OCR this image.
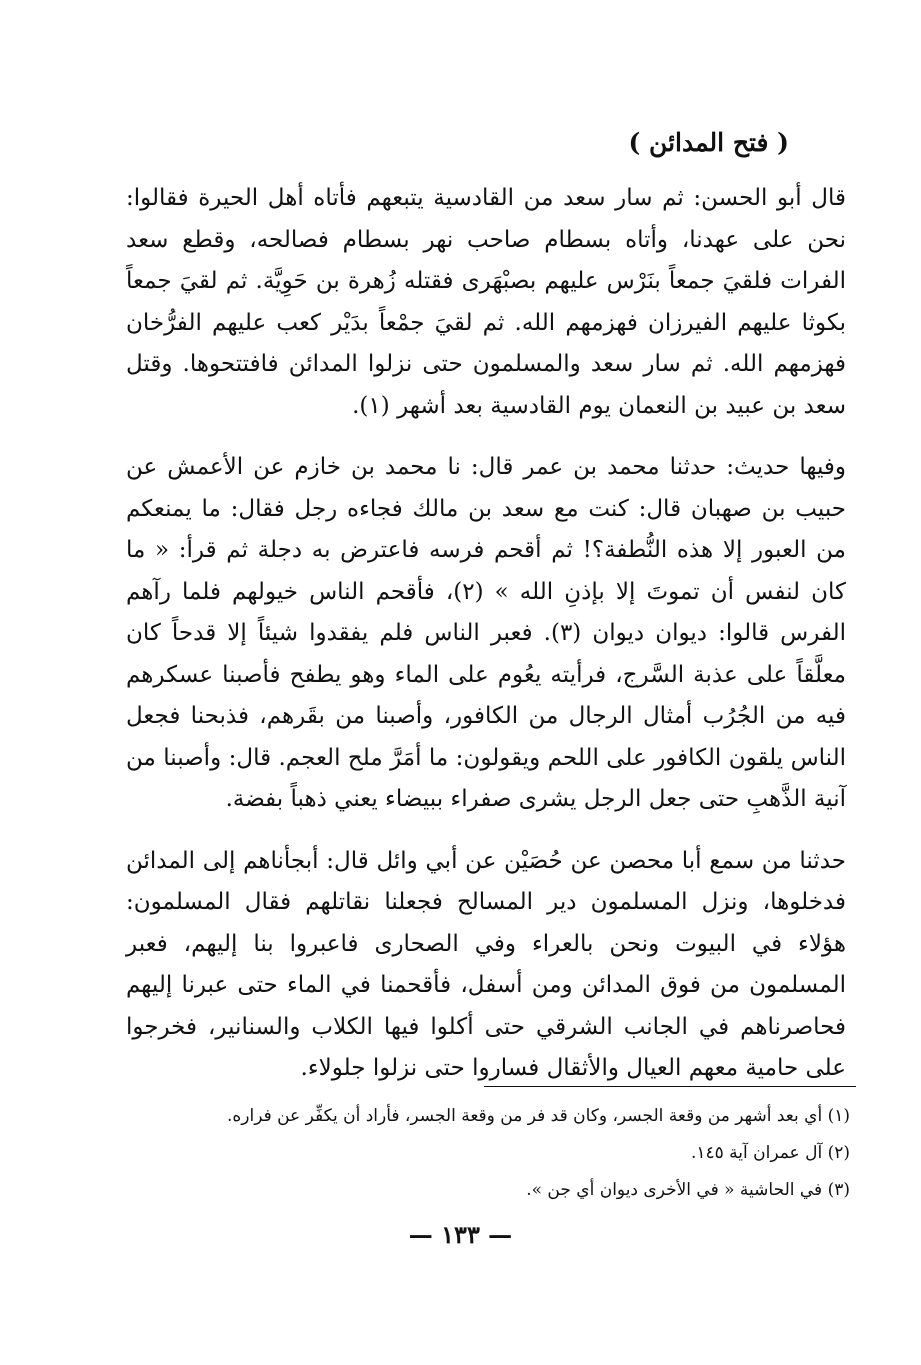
( فتح المدائن )

قال أبو الحسن: ثم سار سعد من القادسية يتبعهم فأتاه أهل الحيرة فقالوا: نحن على عهدنا، وأتاه بسطام صاحب نهر بسطام فصالحه، وقطع سعد الفرات فلقيَ جمعاً بنَرْس عليهم بصبْهَرى فقتله زُهرة بن حَوِيَّة. ثم لقيَ جمعاً بكوثا عليهم الفيرزان فهزمهم الله. ثم لقيَ جمْعاً بدَيْر كعب عليهم الفرُّخان فهزمهم الله. ثم سار سعد والمسلمون حتى نزلوا المدائن فافتتحوها. وقتل سعد بن عبيد بن النعمان يوم القادسية بعد أشهر (١).

وفيها حديث: حدثنا محمد بن عمر قال: نا محمد بن خازم عن الأعمش عن حبيب بن صهبان قال: كنت مع سعد بن مالك فجاءه رجل فقال: ما يمنعكم من العبور إلا هذه النُّطفة؟! ثم أقحم فرسه فاعترض به دجلة ثم قرأ: « ما كان لنفس أن تموتَ إلا بإذنِ الله » (٢)، فأقحم الناس خيولهم فلما رآهم الفرس قالوا: ديوان ديوان (٣). فعبر الناس فلم يفقدوا شيئاً إلا قدحاً كان معلَّقاً على عذبة السَّرج، فرأيته يعُوم على الماء وهو يطفح فأصبنا عسكرهم فيه من الجُرُب أمثال الرجال من الكافور، وأصبنا من بقَرهم، فذبحنا فجعل الناس يلقون الكافور على اللحم ويقولون: ما أمَرَّ ملح العجم. قال: وأصبنا من آنية الذَّهبِ حتى جعل الرجل يشرى صفراء ببيضاء يعني ذهباً بفضة.

حدثنا من سمع أبا محصن عن حُصَيْن عن أبي وائل قال: أبجأناهم إلى المدائن فدخلوها، ونزل المسلمون دير المسالح فجعلنا نقاتلهم فقال المسلمون: هؤلاء في البيوت ونحن بالعراء وفي الصحارى فاعبروا بنا إليهم، فعبر المسلمون من فوق المدائن ومن أسفل، فأقحمنا في الماء حتى عبرنا إليهم فحاصرناهم في الجانب الشرقي حتى أكلوا فيها الكلاب والسنانير، فخرجوا على حامية معهم العيال والأثقال فساروا حتى نزلوا جلولاء.

(١) أي بعد أشهر من وقعة الجسر، وكان قد فر من وقعة الجسر، فأراد أن يكفِّر عن فراره.
(٢) آل عمران آية ١٤٥.
(٣) في الحاشية « في الأخرى ديوان أي جن ».
— ١٣٣ —
